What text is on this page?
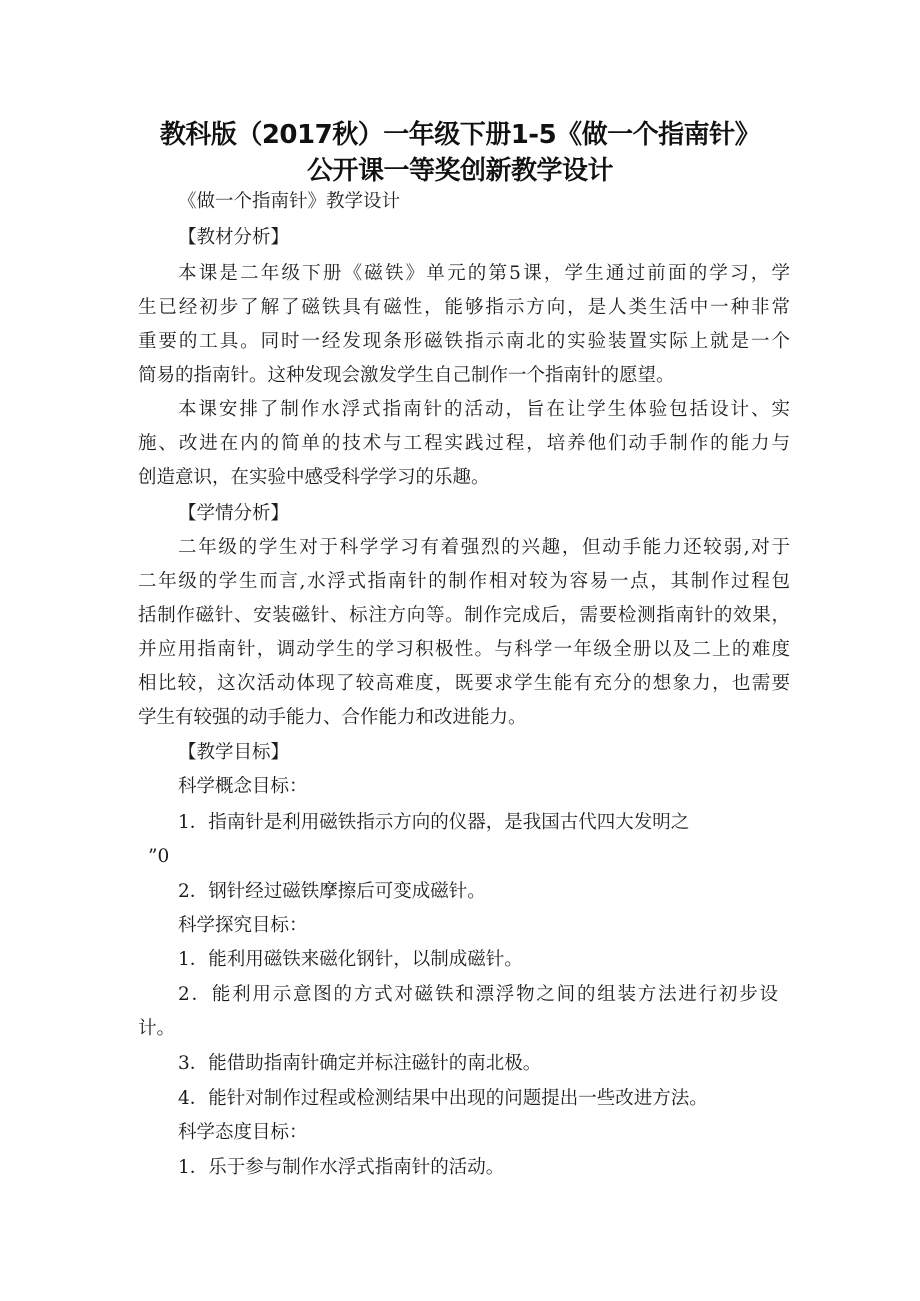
教科版（2017秋）一年级下册1-5《做一个指南针》
公开课一等奖创新教学设计
《做一个指南针》教学设计
【教材分析】
本课是二年级下册《磁铁》单元的第5课，学生通过前面的学习，学
生已经初步了解了磁铁具有磁性，能够指示方向，是人类生活中一种非常
重要的工具。同时一经发现条形磁铁指示南北的实验装置实际上就是一个
简易的指南针。这种发现会激发学生自己制作一个指南针的愿望。
本课安排了制作水浮式指南针的活动，旨在让学生体验包括设计、实
施、改进在内的简单的技术与工程实践过程，培养他们动手制作的能力与
创造意识，在实验中感受科学学习的乐趣。
【学情分析】
二年级的学生对于科学学习有着强烈的兴趣，但动手能力还较弱,对于
二年级的学生而言,水浮式指南针的制作相对较为容易一点，其制作过程包
括制作磁针、安装磁针、标注方向等。制作完成后，需要检测指南针的效果，
并应用指南针，调动学生的学习积极性。与科学一年级全册以及二上的难度
相比较，这次活动体现了较高难度，既要求学生能有充分的想象力，也需要
学生有较强的动手能力、合作能力和改进能力。
【教学目标】
科学概念目标：
1．指南针是利用磁铁指示方向的仪器，是我国古代四大发明之
”0
2．钢针经过磁铁摩擦后可变成磁针。
科学探究目标：
1．能利用磁铁来磁化钢针，以制成磁针。
2．能利用示意图的方式对磁铁和漂浮物之间的组装方法进行初步设
计。
3．能借助指南针确定并标注磁针的南北极。
4．能针对制作过程或检测结果中出现的问题提出一些改进方法。
科学态度目标：
1．乐于参与制作水浮式指南针的活动。
